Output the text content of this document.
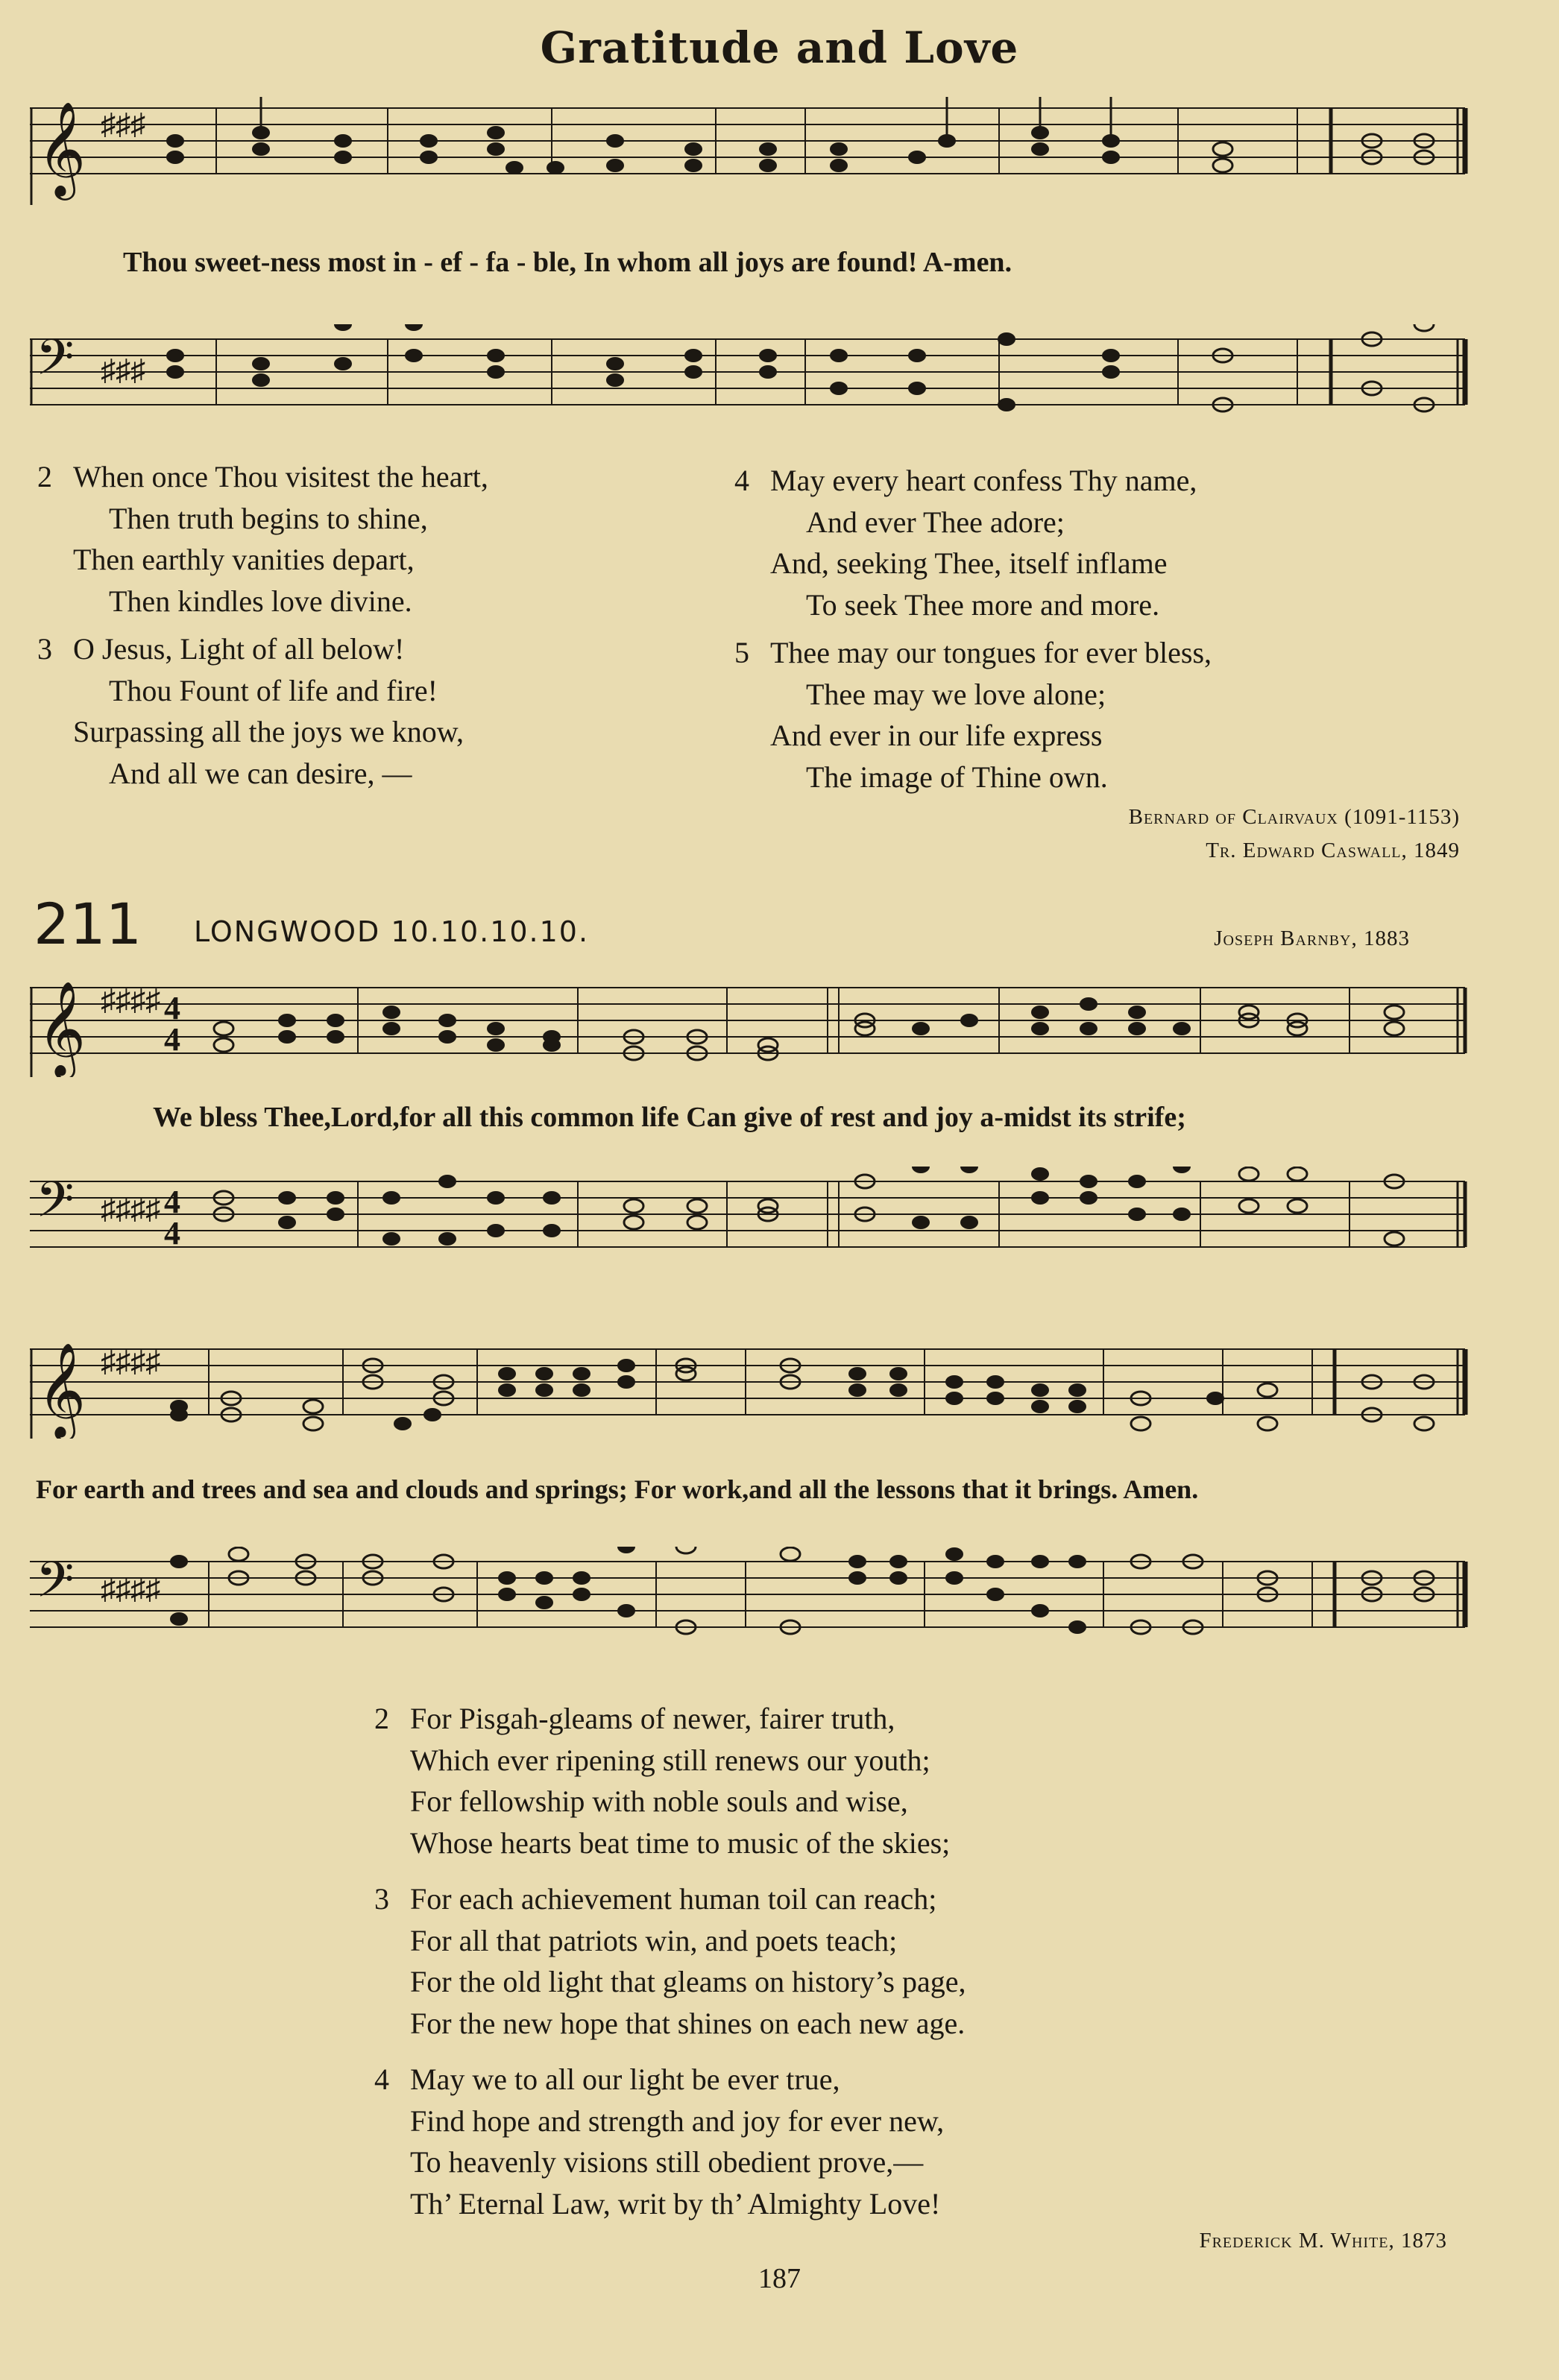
Gratitude and Love
𝄞 ♯♯♯
Thou sweet-ness most in - ef - fa - ble, In whom all joys are found! A-men.
𝄢 ♯♯♯
2 When once Thou visitest the heart,
Then truth begins to shine,
Then earthly vanities depart,
Then kindles love divine.
3 O Jesus, Light of all below!
Thou Fount of life and fire!
Surpassing all the joys we know,
And all we can desire, —
4 May every heart confess Thy name,
And ever Thee adore;
And, seeking Thee, itself inflame
To seek Thee more and more.
5 Thee may our tongues for ever bless,
Thee may we love alone;
And ever in our life express
The image of Thine own.
Bernard of Clairvaux (1091-1153)
Tr. Edward Caswall, 1849
211 LONGWOOD 10.10.10.10.	Joseph Barnby, 1883
𝄞 ♯♯♯♯ 4
4
We bless Thee,Lord,for all this common life Can give of rest and joy a-midst its strife;
𝄢 ♯♯♯♯ 4
4
𝄞 ♯♯♯♯
For earth and trees and sea and clouds and springs; For work,and all the lessons that it brings. Amen.
𝄢 ♯♯♯♯
2 For Pisgah-gleams of newer, fairer truth,
Which ever ripening still renews our youth;
For fellowship with noble souls and wise,
Whose hearts beat time to music of the skies;
3 For each achievement human toil can reach;
For all that patriots win, and poets teach;
For the old light that gleams on history’s page,
For the new hope that shines on each new age.
4 May we to all our light be ever true,
Find hope and strength and joy for ever new,
To heavenly visions still obedient prove,—
Th’ Eternal Law, writ by th’ Almighty Love!
Frederick M. White, 1873
187
